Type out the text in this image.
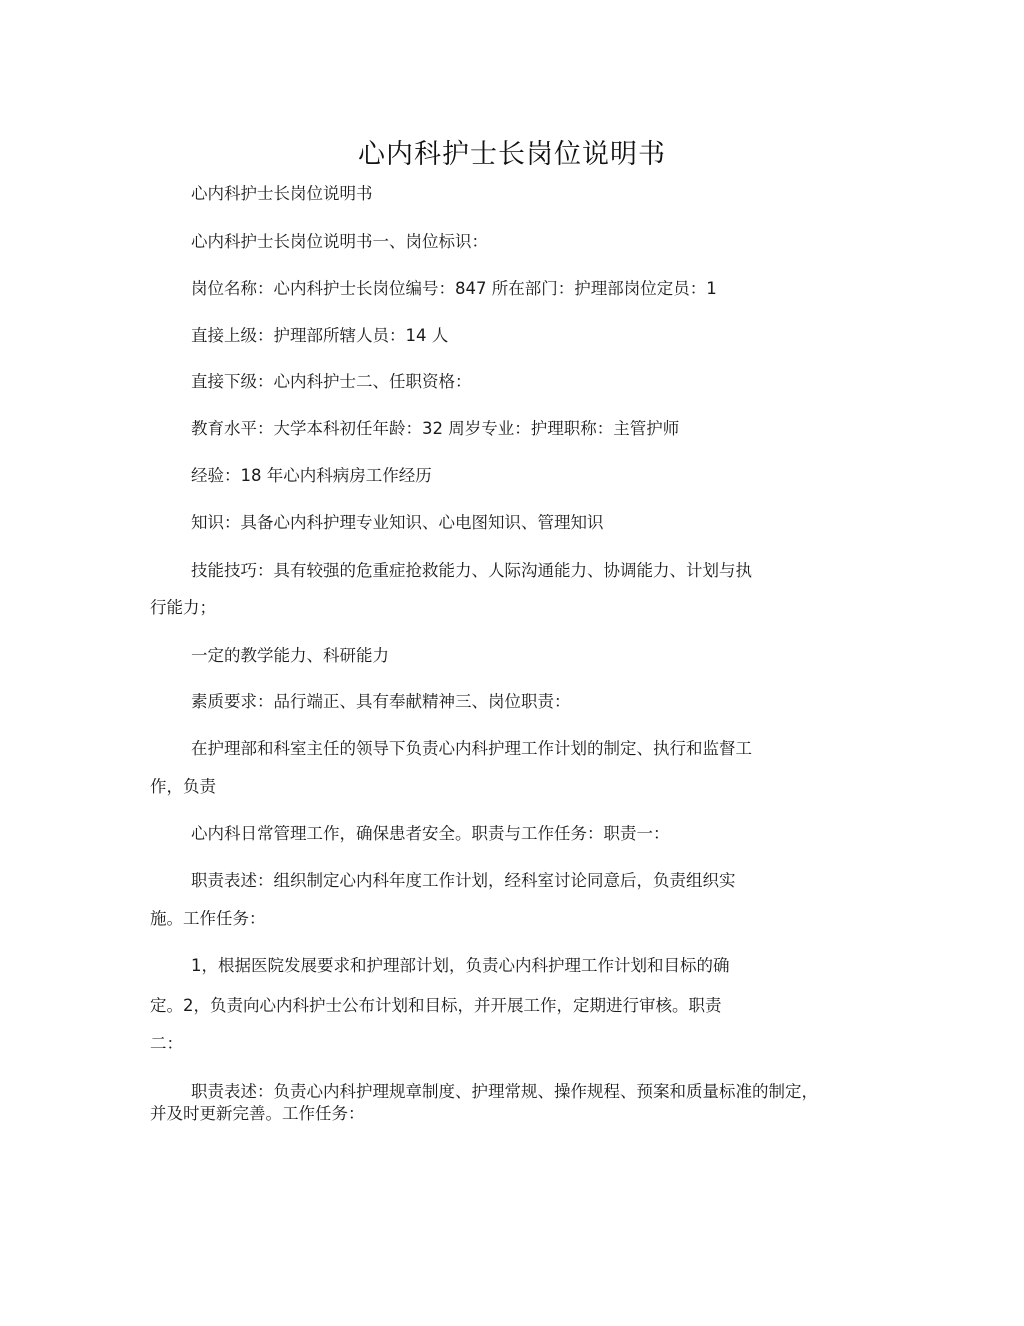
心内科护士长岗位说明书
心内科护士长岗位说明书
心内科护士长岗位说明书一、岗位标识：
岗位名称：心内科护士长岗位编号：847 所在部门：护理部岗位定员：1
直接上级：护理部所辖人员：14 人
直接下级：心内科护士二、任职资格：
教育水平：大学本科初任年龄：32 周岁专业：护理职称：主管护师
经验：18 年心内科病房工作经历
知识：具备心内科护理专业知识、心电图知识、管理知识
技能技巧：具有较强的危重症抢救能力、人际沟通能力、协调能力、计划与执
行能力；
一定的教学能力、科研能力
素质要求：品行端正、具有奉献精神三、岗位职责：
在护理部和科室主任的领导下负责心内科护理工作计划的制定、执行和监督工
作，负责
心内科日常管理工作，确保患者安全。职责与工作任务：职责一：
职责表述：组织制定心内科年度工作计划，经科室讨论同意后，负责组织实
施。工作任务：
1，根据医院发展要求和护理部计划，负责心内科护理工作计划和目标的确
定。2，负责向心内科护士公布计划和目标，并开展工作，定期进行审核。职责
二：
职责表述：负责心内科护理规章制度、护理常规、操作规程、预案和质量标准的制定，
并及时更新完善。工作任务：
